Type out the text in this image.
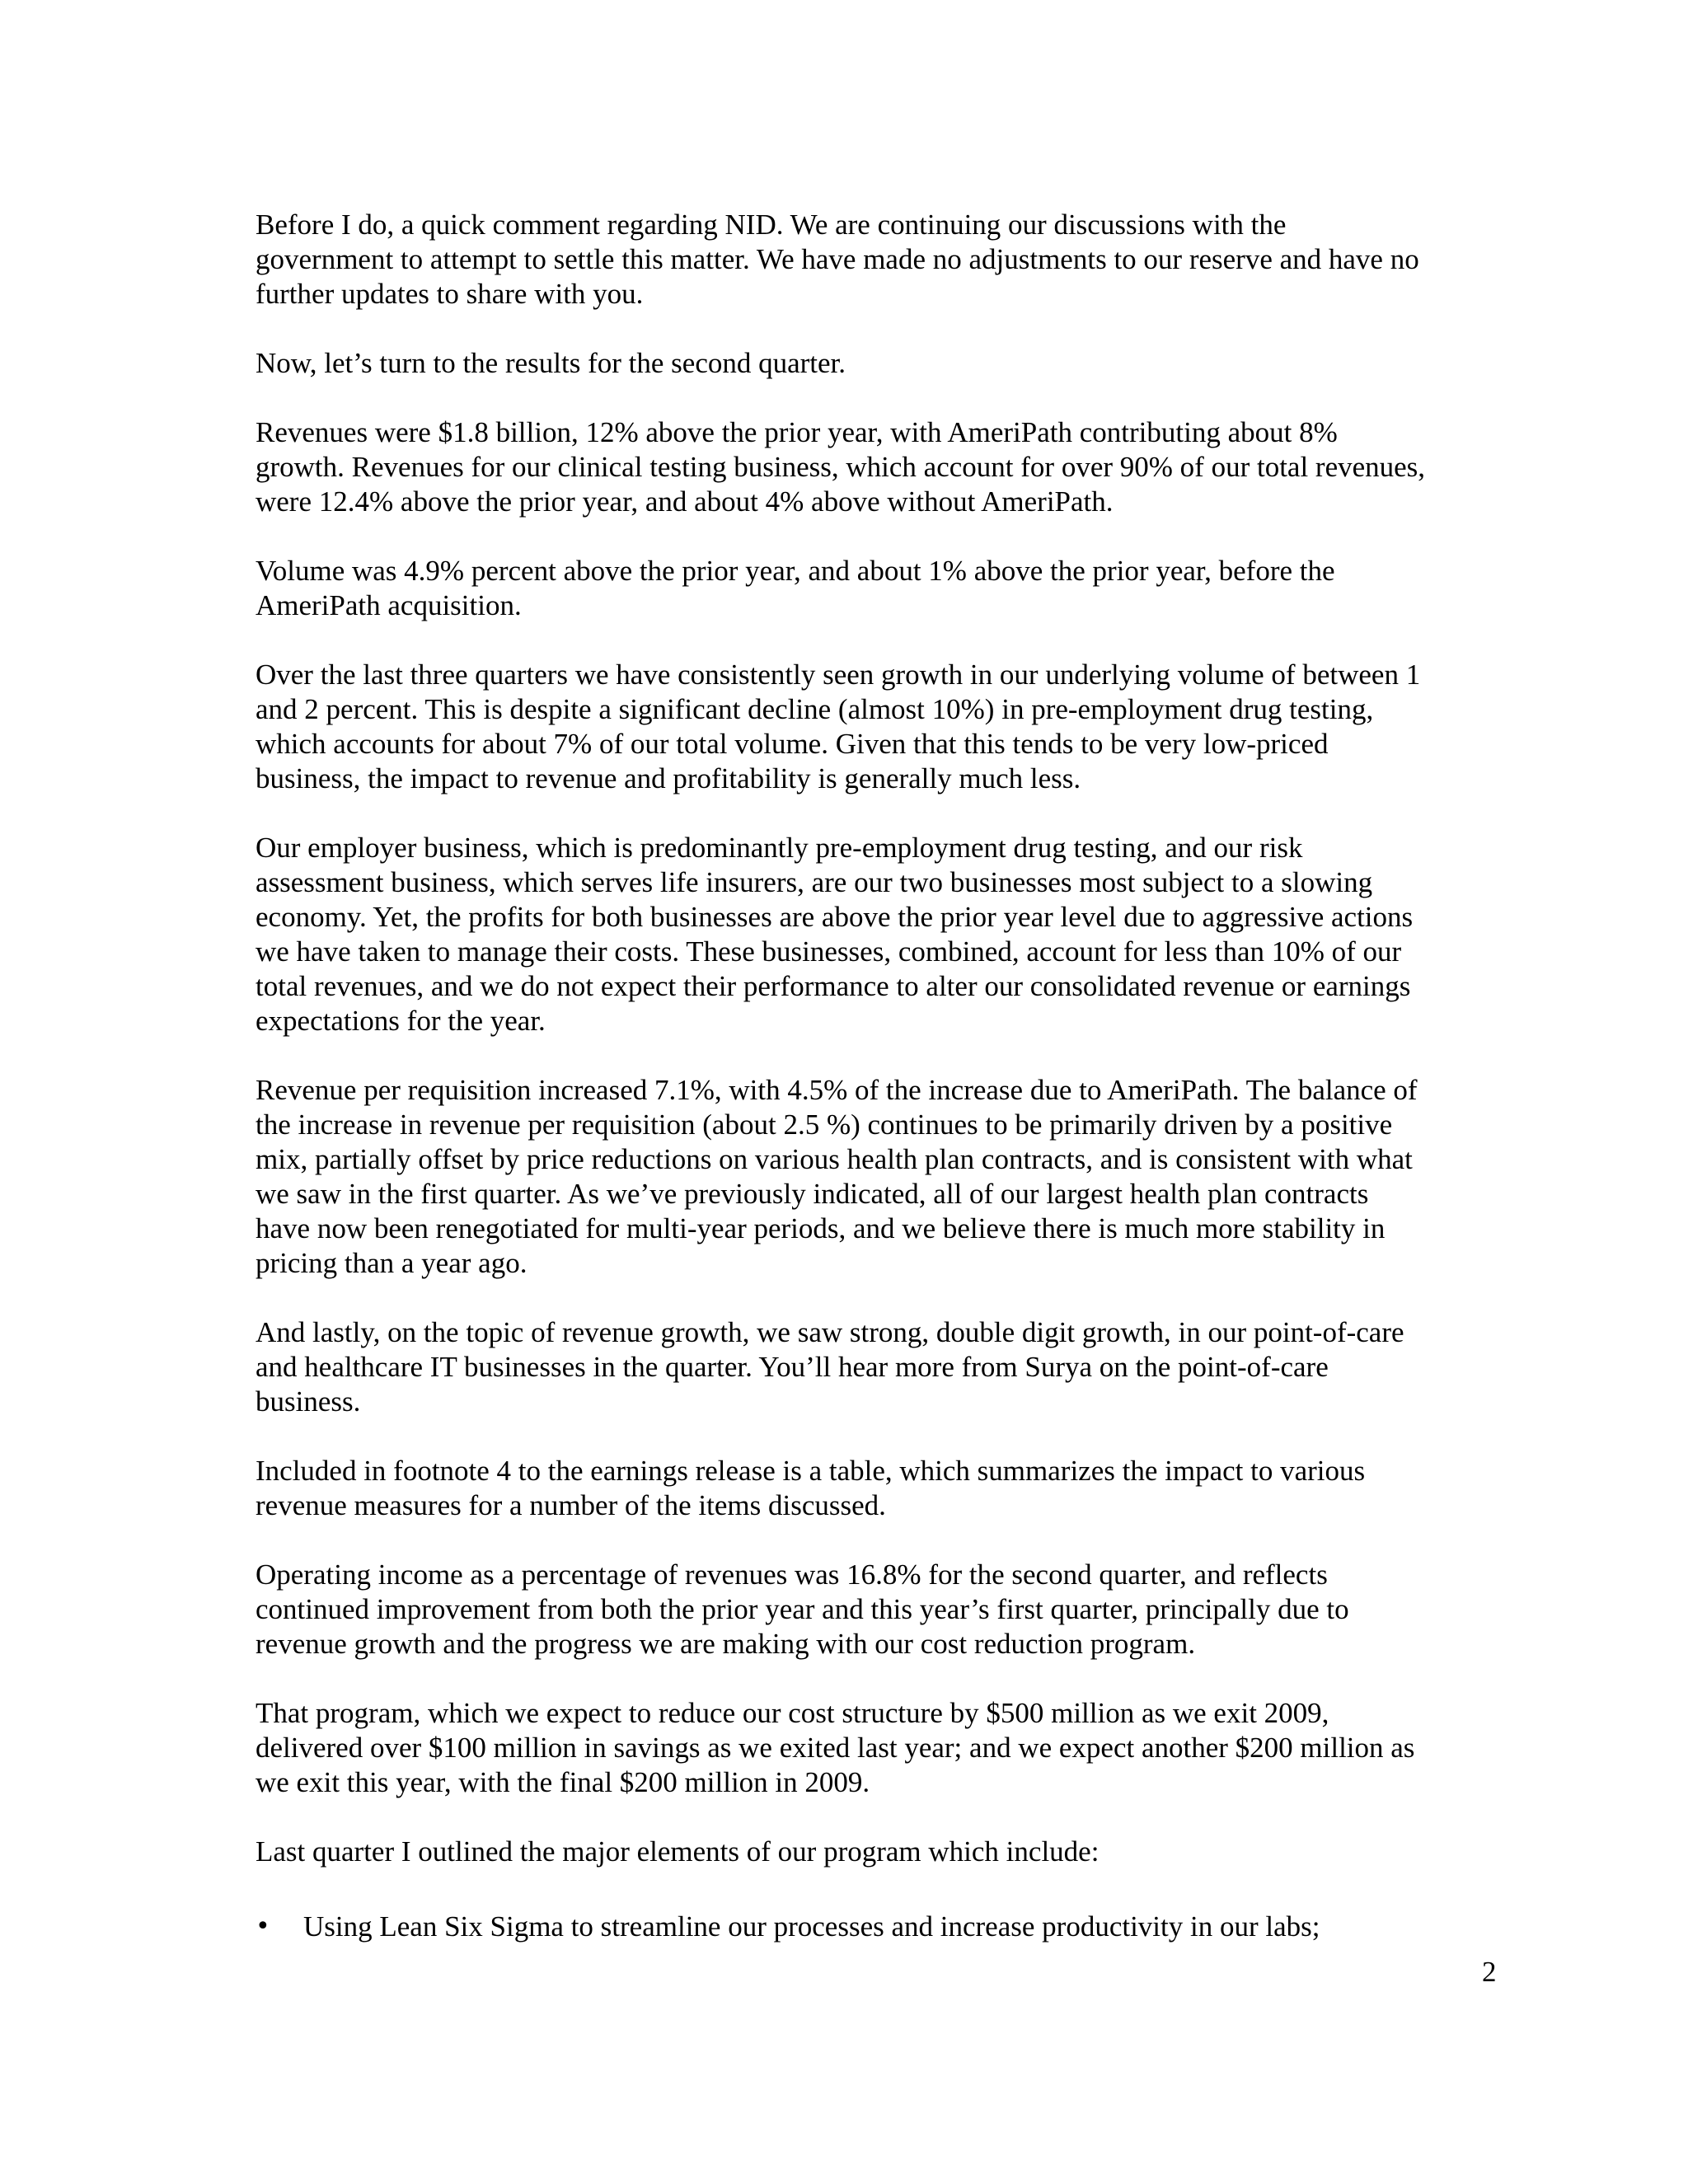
Before I do, a quick comment regarding NID. We are continuing our discussions with the
government to attempt to settle this matter. We have made no adjustments to our reserve and have no
further updates to share with you.

Now, let’s turn to the results for the second quarter.

Revenues were $1.8 billion, 12% above the prior year, with AmeriPath contributing about 8%
growth. Revenues for our clinical testing business, which account for over 90% of our total revenues,
were 12.4% above the prior year, and about 4% above without AmeriPath.

Volume was 4.9% percent above the prior year, and about 1% above the prior year, before the
AmeriPath acquisition.

Over the last three quarters we have consistently seen growth in our underlying volume of between 1
and 2 percent. This is despite a significant decline (almost 10%) in pre-employment drug testing,
which accounts for about 7% of our total volume. Given that this tends to be very low-priced
business, the impact to revenue and profitability is generally much less.

Our employer business, which is predominantly pre-employment drug testing, and our risk
assessment business, which serves life insurers, are our two businesses most subject to a slowing
economy. Yet, the profits for both businesses are above the prior year level due to aggressive actions
we have taken to manage their costs. These businesses, combined, account for less than 10% of our
total revenues, and we do not expect their performance to alter our consolidated revenue or earnings
expectations for the year.

Revenue per requisition increased 7.1%, with 4.5% of the increase due to AmeriPath. The balance of
the increase in revenue per requisition (about 2.5 %) continues to be primarily driven by a positive
mix, partially offset by price reductions on various health plan contracts, and is consistent with what
we saw in the first quarter. As we’ve previously indicated, all of our largest health plan contracts
have now been renegotiated for multi-year periods, and we believe there is much more stability in
pricing than a year ago.

And lastly, on the topic of revenue growth, we saw strong, double digit growth, in our point-of-care
and healthcare IT businesses in the quarter. You’ll hear more from Surya on the point-of-care
business.

Included in footnote 4 to the earnings release is a table, which summarizes the impact to various
revenue measures for a number of the items discussed.

Operating income as a percentage of revenues was 16.8% for the second quarter, and reflects
continued improvement from both the prior year and this year’s first quarter, principally due to
revenue growth and the progress we are making with our cost reduction program.

That program, which we expect to reduce our cost structure by $500 million as we exit 2009,
delivered over $100 million in savings as we exited last year; and we expect another $200 million as
we exit this year, with the final $200 million in 2009.

Last quarter I outlined the major elements of our program which include:

•	Using Lean Six Sigma to streamline our processes and increase productivity in our labs;
2
